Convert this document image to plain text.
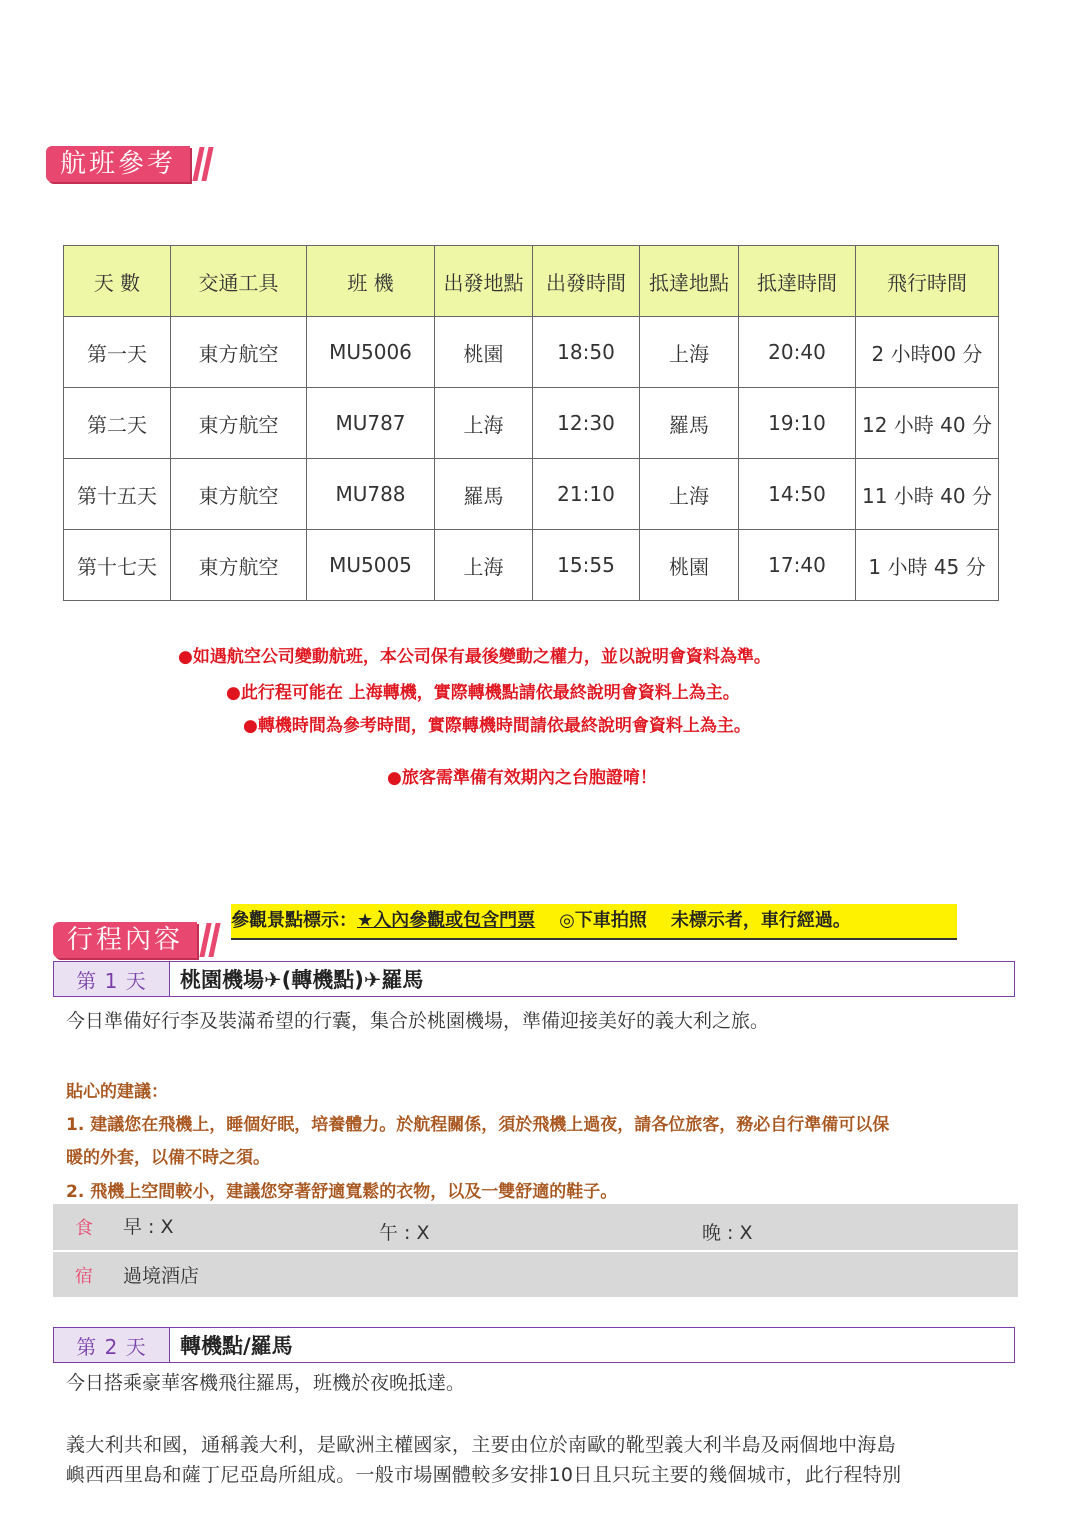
航班參考
天 數	交通工具	班 機	出發地點	出發時間	抵達地點	抵達時間	飛行時間
第一天	東方航空	MU5006	桃園	18:50	上海	20:40	2 小時00 分
第二天	東方航空	MU787	上海	12:30	羅馬	19:10	12 小時 40 分
第十五天	東方航空	MU788	羅馬	21:10	上海	14:50	11 小時 40 分
第十七天	東方航空	MU5005	上海	15:55	桃園	17:40	1 小時 45 分
●如遇航空公司變動航班，本公司保有最後變動之權力，並以說明會資料為準。
●此行程可能在 上海轉機，實際轉機點請依最終說明會資料上為主。
●轉機時間為參考時間，實際轉機時間請依最終說明會資料上為主。
●旅客需準備有效期內之台胞證唷！
參觀景點標示：★入內參觀或包含門票 ◎下車拍照 未標示者，車行經過。
行程內容
第 1 天	桃園機場✈(轉機點)✈羅馬
今日準備好行李及裝滿希望的行囊，集合於桃園機場，準備迎接美好的義大利之旅。
貼心的建議：
1. 建議您在飛機上，睡個好眠，培養體力。於航程關係，須於飛機上過夜，請各位旅客，務必自行準備可以保
暖的外套，以備不時之須。
2. 飛機上空間較小，建議您穿著舒適寬鬆的衣物，以及一雙舒適的鞋子。
食 早 : X	午 : X	晚 : X
宿 過境酒店
第 2 天	轉機點/羅馬
今日搭乘豪華客機飛往羅馬，班機於夜晚抵達。
義大利共和國，通稱義大利，是歐洲主權國家，主要由位於南歐的靴型義大利半島及兩個地中海島
嶼西西里島和薩丁尼亞島所組成。一般市場團體較多安排10日且只玩主要的幾個城市，此行程特別
